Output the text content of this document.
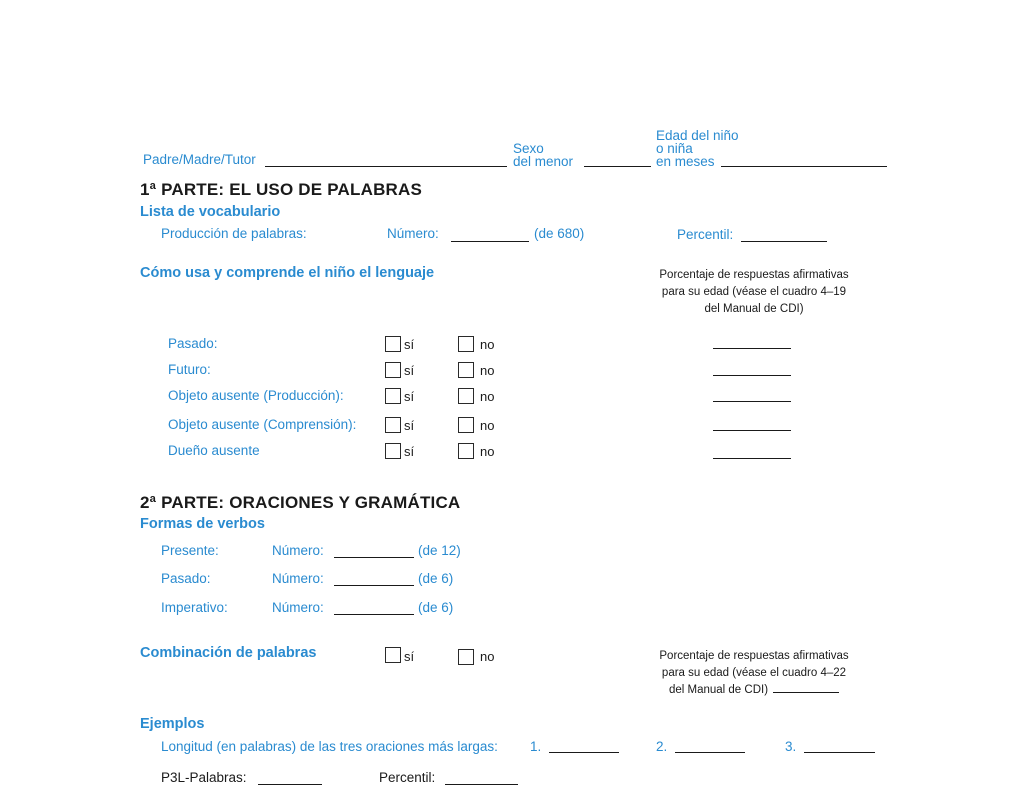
Padre/Madre/Tutor
Sexo
del menor
Edad del niño
o niña
en meses
1ª PARTE: EL USO DE PALABRAS
Lista de vocabulario
Producción de palabras:	Número:	(de 680)	Percentil:
Cómo usa y comprende el niño el lenguaje	Porcentaje de respuestas afirmativas
para su edad (véase el cuadro 4–19
del Manual de CDI)
Pasado:	sí	no
Futuro:	sí	no
Objeto ausente (Producción):	sí	no
Objeto ausente (Comprensión):	sí	no
Dueño ausente	sí	no
2ª PARTE: ORACIONES Y GRAMÁTICA
Formas de verbos
Presente:	Número:	(de 12)
Pasado:	Número:	(de 6)
Imperativo:	Número:	(de 6)
Combinación de palabras	sí	no	Porcentaje de respuestas afirmativas
para su edad (véase el cuadro 4–22
del Manual de CDI)
Ejemplos
Longitud (en palabras) de las tres oraciones más largas: 1.	2.	3.
P3L-Palabras:	Percentil:
